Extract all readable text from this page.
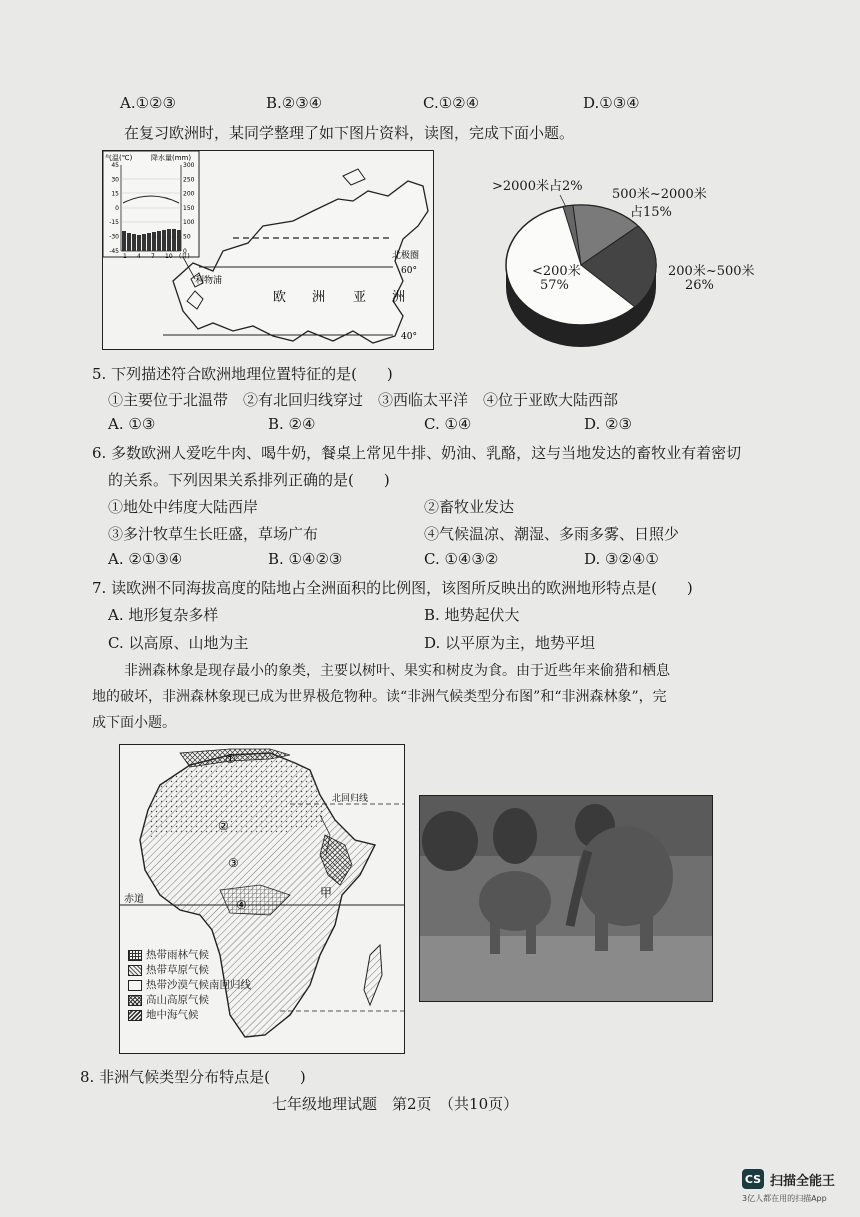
A.①②③	B.②③④	C.①②④	D.①③④
在复习欧洲时，某同学整理了如下图片资料，读图，完成下面小题。
气温(℃)	降水量(mm)
45
30
15
0
-15
-30
-45
300
250
200
150
100
50
0
1 4 7 10 (月)
利物浦
欧　　洲 亚　　洲
北极圈
60°
40°
>2000米占2%
500米~2000米
占15%
200米~500米
26%
<200米
57%
5. 下列描述符合欧洲地理位置特征的是(　　)
①主要位于北温带　②有北回归线穿过　③西临太平洋　④位于亚欧大陆西部
A. ①③	B. ②④	C. ①④	D. ②③
6. 多数欧洲人爱吃牛肉、喝牛奶，餐桌上常见牛排、奶油、乳酪，这与当地发达的畜牧业有着密切
的关系。下列因果关系排列正确的是(　　)
①地处中纬度大陆西岸	②畜牧业发达
③多汁牧草生长旺盛，草场广布	④气候温凉、潮湿、多雨多雾、日照少
A. ②①③④	B. ①④②③	C. ①④③②	D. ③②④①
7. 读欧洲不同海拔高度的陆地占全洲面积的比例图，该图所反映出的欧洲地形特点是(　　)
A. 地形复杂多样	B. 地势起伏大
C. 以高原、山地为主	D. 以平原为主，地势平坦
非洲森林象是现存最小的象类，主要以树叶、果实和树皮为食。由于近些年来偷猎和栖息
地的破坏，非洲森林象现已成为世界极危物种。读“非洲气候类型分布图”和“非洲森林象”，完
成下面小题。
①
②
③
④
甲
北回归线
赤道
热带雨林气候
热带草原气候
热带沙漠气候南回归线
高山高原气候
地中海气候
8. 非洲气候类型分布特点是(　　)
七年级地理试题　第2页　（共10页）
CS 扫描全能王
3亿人都在用的扫描App
